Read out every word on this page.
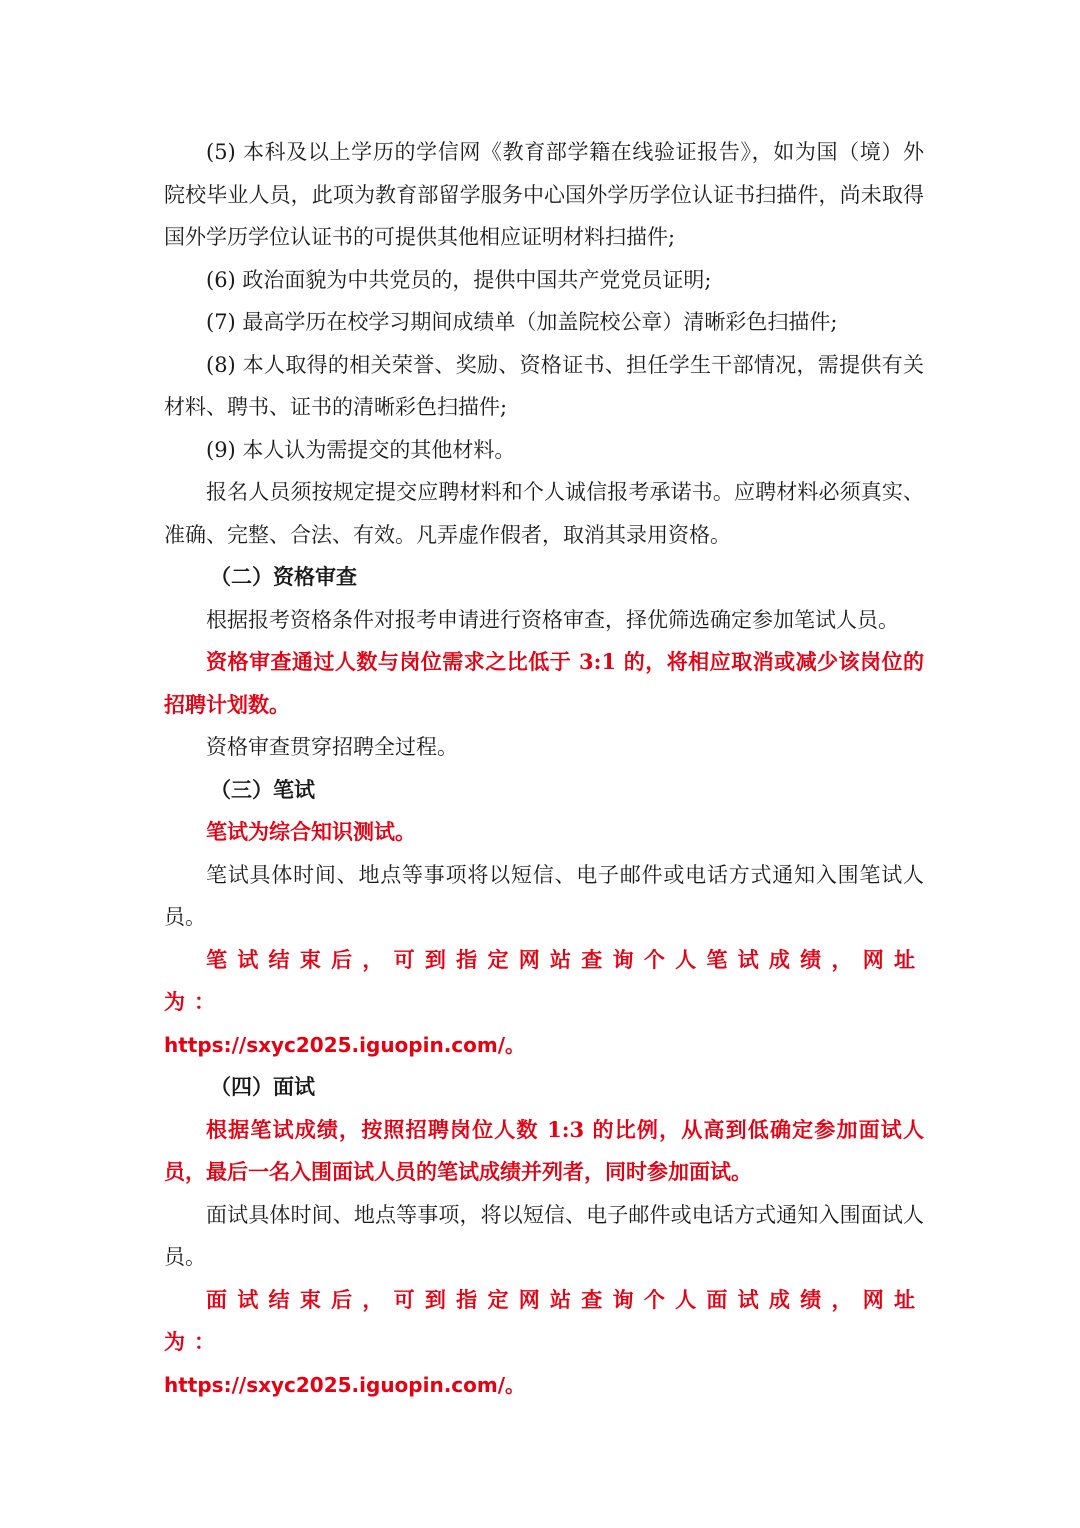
(5) 本科及以上学历的学信网《教育部学籍在线验证报告》，如为国（境）外院校毕业人员，此项为教育部留学服务中心国外学历学位认证书扫描件，尚未取得国外学历学位认证书的可提供其他相应证明材料扫描件;

(6) 政治面貌为中共党员的，提供中国共产党党员证明;

(7) 最高学历在校学习期间成绩单（加盖院校公章）清晰彩色扫描件;

(8) 本人取得的相关荣誉、奖励、资格证书、担任学生干部情况，需提供有关材料、聘书、证书的清晰彩色扫描件;

(9) 本人认为需提交的其他材料。

报名人员须按规定提交应聘材料和个人诚信报考承诺书。应聘材料必须真实、准确、完整、合法、有效。凡弄虚作假者，取消其录用资格。

（二）资格审查

根据报考资格条件对报考申请进行资格审查，择优筛选确定参加笔试人员。

资格审查通过人数与岗位需求之比低于 3:1 的，将相应取消或减少该岗位的招聘计划数。

资格审查贯穿招聘全过程。

（三）笔试

笔试为综合知识测试。

笔试具体时间、地点等事项将以短信、电子邮件或电话方式通知入围笔试人员。

笔试结束后，可到指定网站查询个人笔试成绩，网址为：
https://sxyc2025.iguopin.com/。

（四）面试

根据笔试成绩，按照招聘岗位人数 1:3 的比例，从高到低确定参加面试人员，最后一名入围面试人员的笔试成绩并列者，同时参加面试。

面试具体时间、地点等事项，将以短信、电子邮件或电话方式通知入围面试人员。

面试结束后，可到指定网站查询个人面试成绩，网址为：
https://sxyc2025.iguopin.com/。
